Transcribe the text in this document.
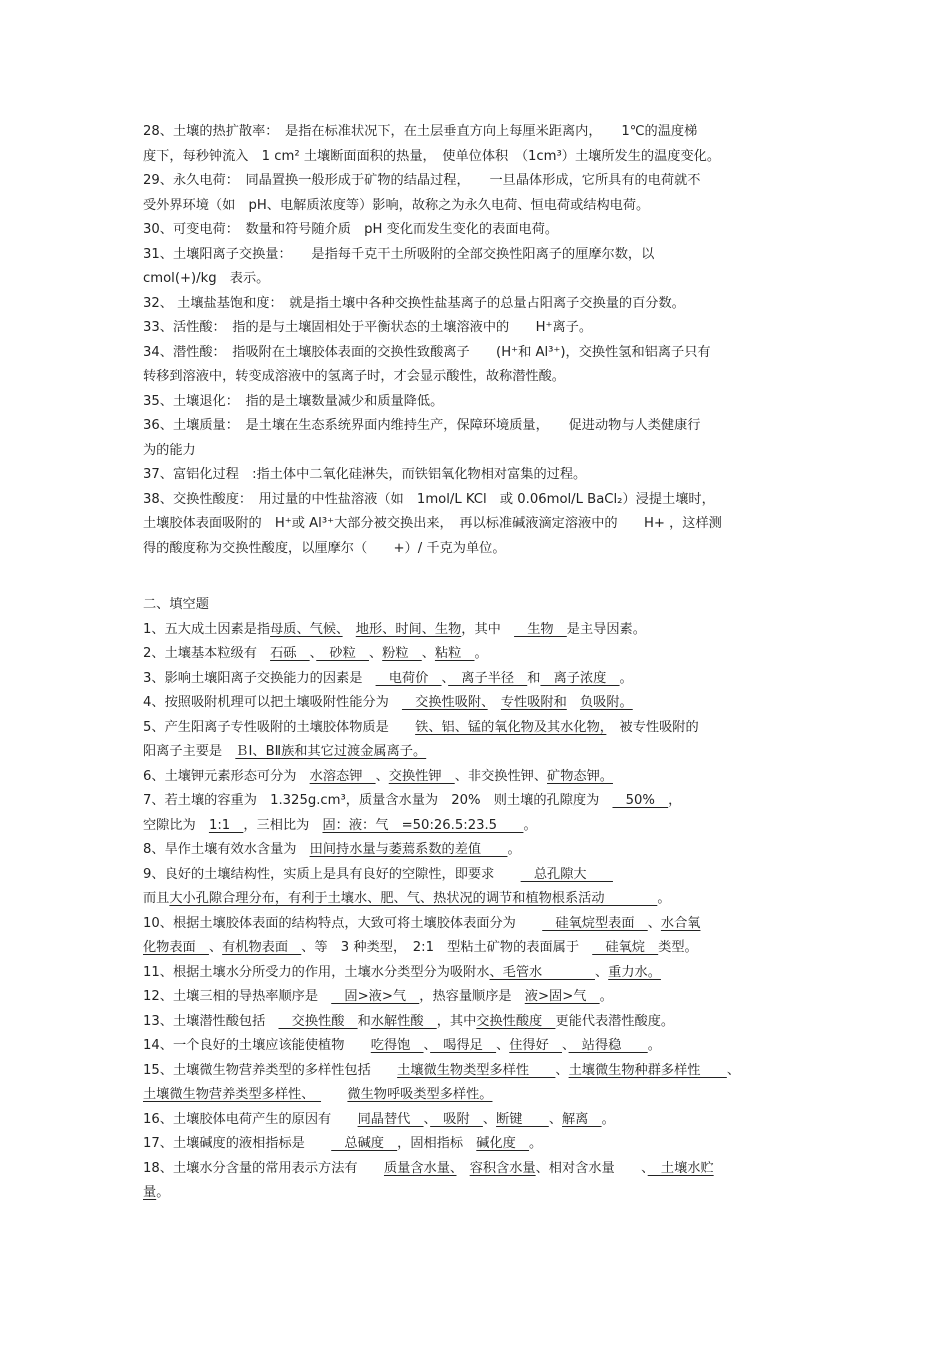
28、土壤的热扩散率：　是指在标准状况下，在土层垂直方向上每厘米距离内，　　1℃的温度梯
度下，每秒钟流入　1 cm² 土壤断面面积的热量，　使单位体积　（1cm³）土壤所发生的温度变化。
29、永久电荷：　同晶置换一般形成于矿物的结晶过程，　　一旦晶体形成，它所具有的电荷就不
受外界环境（如　pH、电解质浓度等）影响，故称之为永久电荷、恒电荷或结构电荷。
30、可变电荷：　数量和符号随介质　pH 变化而发生变化的表面电荷。
31、土壤阳离子交换量：　　是指每千克干土所吸附的全部交换性阳离子的厘摩尔数，以
cmol(+)/kg　表示。
32、 土壤盐基饱和度：　就是指土壤中各种交换性盐基离子的总量占阳离子交换量的百分数。
33、活性酸：　指的是与土壤固相处于平衡状态的土壤溶液中的　　H⁺离子。
34、潜性酸：　指吸附在土壤胶体表面的交换性致酸离子　　(H⁺和 Al³⁺)，交换性氢和铝离子只有
转移到溶液中，转变成溶液中的氢离子时，才会显示酸性，故称潜性酸。
35、土壤退化：　指的是土壤数量减少和质量降低。
36、土壤质量：　是土壤在生态系统界面内维持生产，保障环境质量，　　促进动物与人类健康行
为的能力
37、富铝化过程　:指土体中二氧化硅淋失，而铁铝氧化物相对富集的过程。
38、交换性酸度：　用过量的中性盐溶液（如　1mol/L KCl　或 0.06mol/L BaCl₂）浸提土壤时，
土壤胶体表面吸附的　H⁺或 Al³⁺大部分被交换出来，　再以标准碱液滴定溶液中的　　H+ ，这样测
得的酸度称为交换性酸度，以厘摩尔（　　+）/ 千克为单位。
二、填空题
1、五大成土因素是指母质、气候、　 地形、时间、生物，其中　　生物　是主导因素。
2、土壤基本粒级有　石砾　、　砂粒　、粉粒　、粘粒　。
3、影响土壤阳离子交换能力的因素是　　电荷价　、　离子半径　和　离子浓度　。
4、按照吸附机理可以把土壤吸附性能分为　　交换性吸附、　 专性吸附和　 负吸附。
5、产生阳离子专性吸附的土壤胶体物质是　　铁、铝、锰的氧化物及其水化物，　被专性吸附的
阳离子主要是　ＢⅠ、BⅡ族和其它过渡金属离子。
6、土壤钾元素形态可分为　水溶态钾　、交换性钾　、非交换性钾、矿物态钾。
7、若土壤的容重为　1.325g.cm³，质量含水量为　20%　则土壤的孔隙度为　　50%　，
空隙比为　1:1　，三相比为　固：液：气　=50:26.5:23.5　　。
8、旱作土壤有效水含量为　田间持水量与萎蔫系数的差值　　。
9、良好的土壤结构性，实质上是具有良好的空隙性，即要求　　　总孔隙大　　
而且大小孔隙合理分布，有利于土壤水、肥、气、热状况的调节和植物根系活动　　　　。
10、根据土壤胶体表面的结构特点，大致可将土壤胶体表面分为　　　硅氧烷型表面　、水合氧
化物表面　、有机物表面　、等　3 种类型，　2:1　型粘土矿物的表面属于　　硅氧烷　类型。
11、根据土壤水分所受力的作用，土壤水分类型分为吸附水、毛管水　　　　、重力水。
12、土壤三相的导热率顺序是　　固>液>气　，热容量顺序是　液>固>气　。
13、土壤潜性酸包括　　交换性酸　和水解性酸　，其中交换性酸度　更能代表潜性酸度。
14、一个良好的土壤应该能使植物　　吃得饱　、　喝得足　、住得好　、　站得稳　　。
15、土壤微生物营养类型的多样性包括　　土壤微生物类型多样性　　、土壤微生物种群多样性　　、
土壤微生物营养类型多样性、　　　微生物呼吸类型多样性。
16、土壤胶体电荷产生的原因有　　同晶替代　、　吸附　、断键　　、解离　。
17、土壤碱度的液相指标是　　　总碱度　，固相指标　碱化度　。
18、土壤水分含量的常用表示方法有　　质量含水量、　 容积含水量、相对含水量　　、　土壤水贮
量。
